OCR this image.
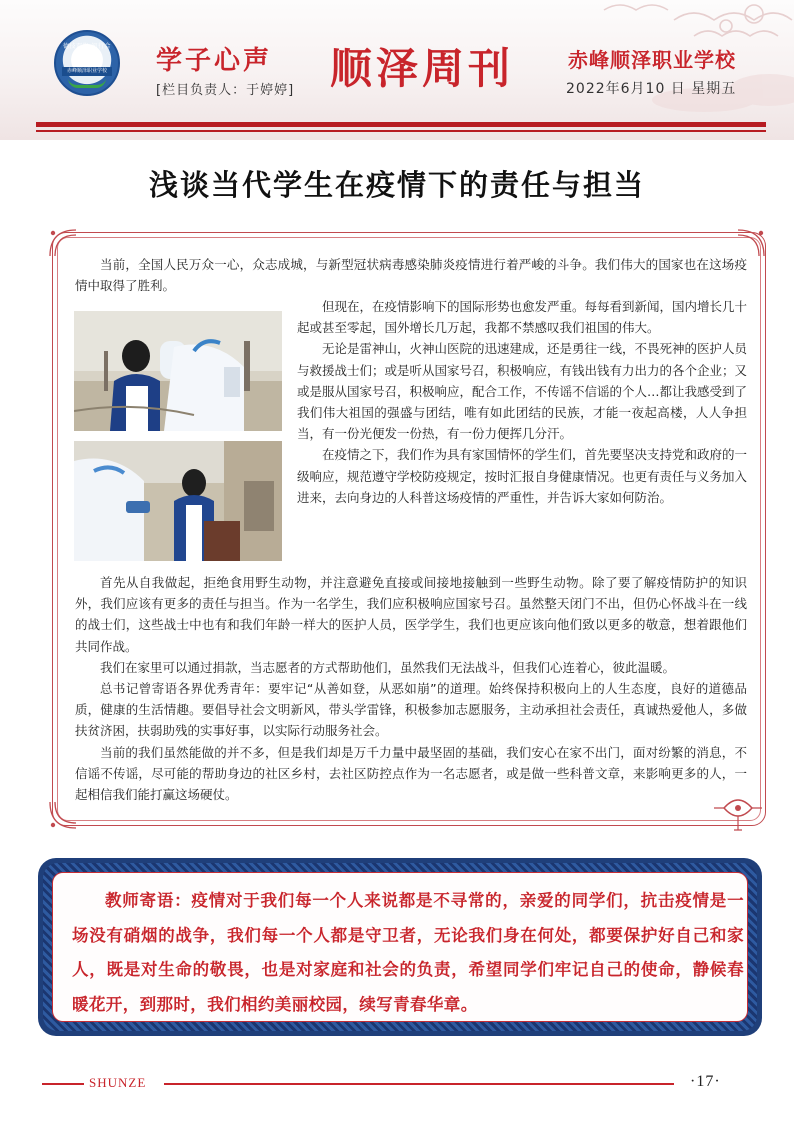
德技双修 知行合一
赤峰顺泽职业学校 学子心声
[栏目负责人：于婷婷] 顺泽周刊	赤峰顺泽职业学校
2022年6月10 日 星期五
浅谈当代学生在疫情下的责任与担当

当前，全国人民万众一心，众志成城，与新型冠状病毒感染肺炎疫情进行着严峻的斗争。我们伟大的国家也在这场疫情中取得了胜利。

但现在，在疫情影响下的国际形势也愈发严重。每每看到新闻，国内增长几十起或甚至零起，国外增长几万起，我都不禁感叹我们祖国的伟大。

无论是雷神山，火神山医院的迅速建成，还是勇往一线，不畏死神的医护人员与救援战士们；或是听从国家号召，积极响应，有钱出钱有力出力的各个企业；又或是服从国家号召，积极响应，配合工作，不传谣不信谣的个人…都让我感受到了我们伟大祖国的强盛与团结，唯有如此团结的民族，才能一夜起高楼，人人争担当，有一份光便发一份热，有一份力便挥几分汗。

在疫情之下，我们作为具有家国情怀的学生们，首先要坚决支持党和政府的一级响应，规范遵守学校防疫规定，按时汇报自身健康情况。也更有责任与义务加入进来，去向身边的人科普这场疫情的严重性，并告诉大家如何防治。

首先从自我做起，拒绝食用野生动物，并注意避免直接或间接地接触到一些野生动物。除了要了解疫情防护的知识外，我们应该有更多的责任与担当。作为一名学生，我们应积极响应国家号召。虽然整天闭门不出，但仍心怀战斗在一线的战士们，这些战士中也有和我们年龄一样大的医护人员，医学学生，我们也更应该向他们致以更多的敬意，想着跟他们共同作战。

我们在家里可以通过捐款，当志愿者的方式帮助他们，虽然我们无法战斗，但我们心连着心，彼此温暖。

总书记曾寄语各界优秀青年：要牢记“从善如登，从恶如崩”的道理。始终保持积极向上的人生态度，良好的道德品质，健康的生活情趣。要倡导社会文明新风，带头学雷锋，积极参加志愿服务，主动承担社会责任，真诚热爱他人，多做扶贫济困，扶弱助残的实事好事，以实际行动服务社会。

当前的我们虽然能做的并不多，但是我们却是万千力量中最坚固的基础，我们安心在家不出门，面对纷繁的消息，不信谣不传谣，尽可能的帮助身边的社区乡村，去社区防控点作为一名志愿者，或是做一些科普文章，来影响更多的人，一起相信我们能打赢这场硬仗。

教师寄语：疫情对于我们每一个人来说都是不寻常的，亲爱的同学们，抗击疫情是一场没有硝烟的战争，我们每一个人都是守卫者，无论我们身在何处，都要保护好自己和家人，既是对生命的敬畏，也是对家庭和社会的负责，希望同学们牢记自己的使命，静候春暖花开，到那时，我们相约美丽校园，续写青春华章。
SHUNZE	·17·
